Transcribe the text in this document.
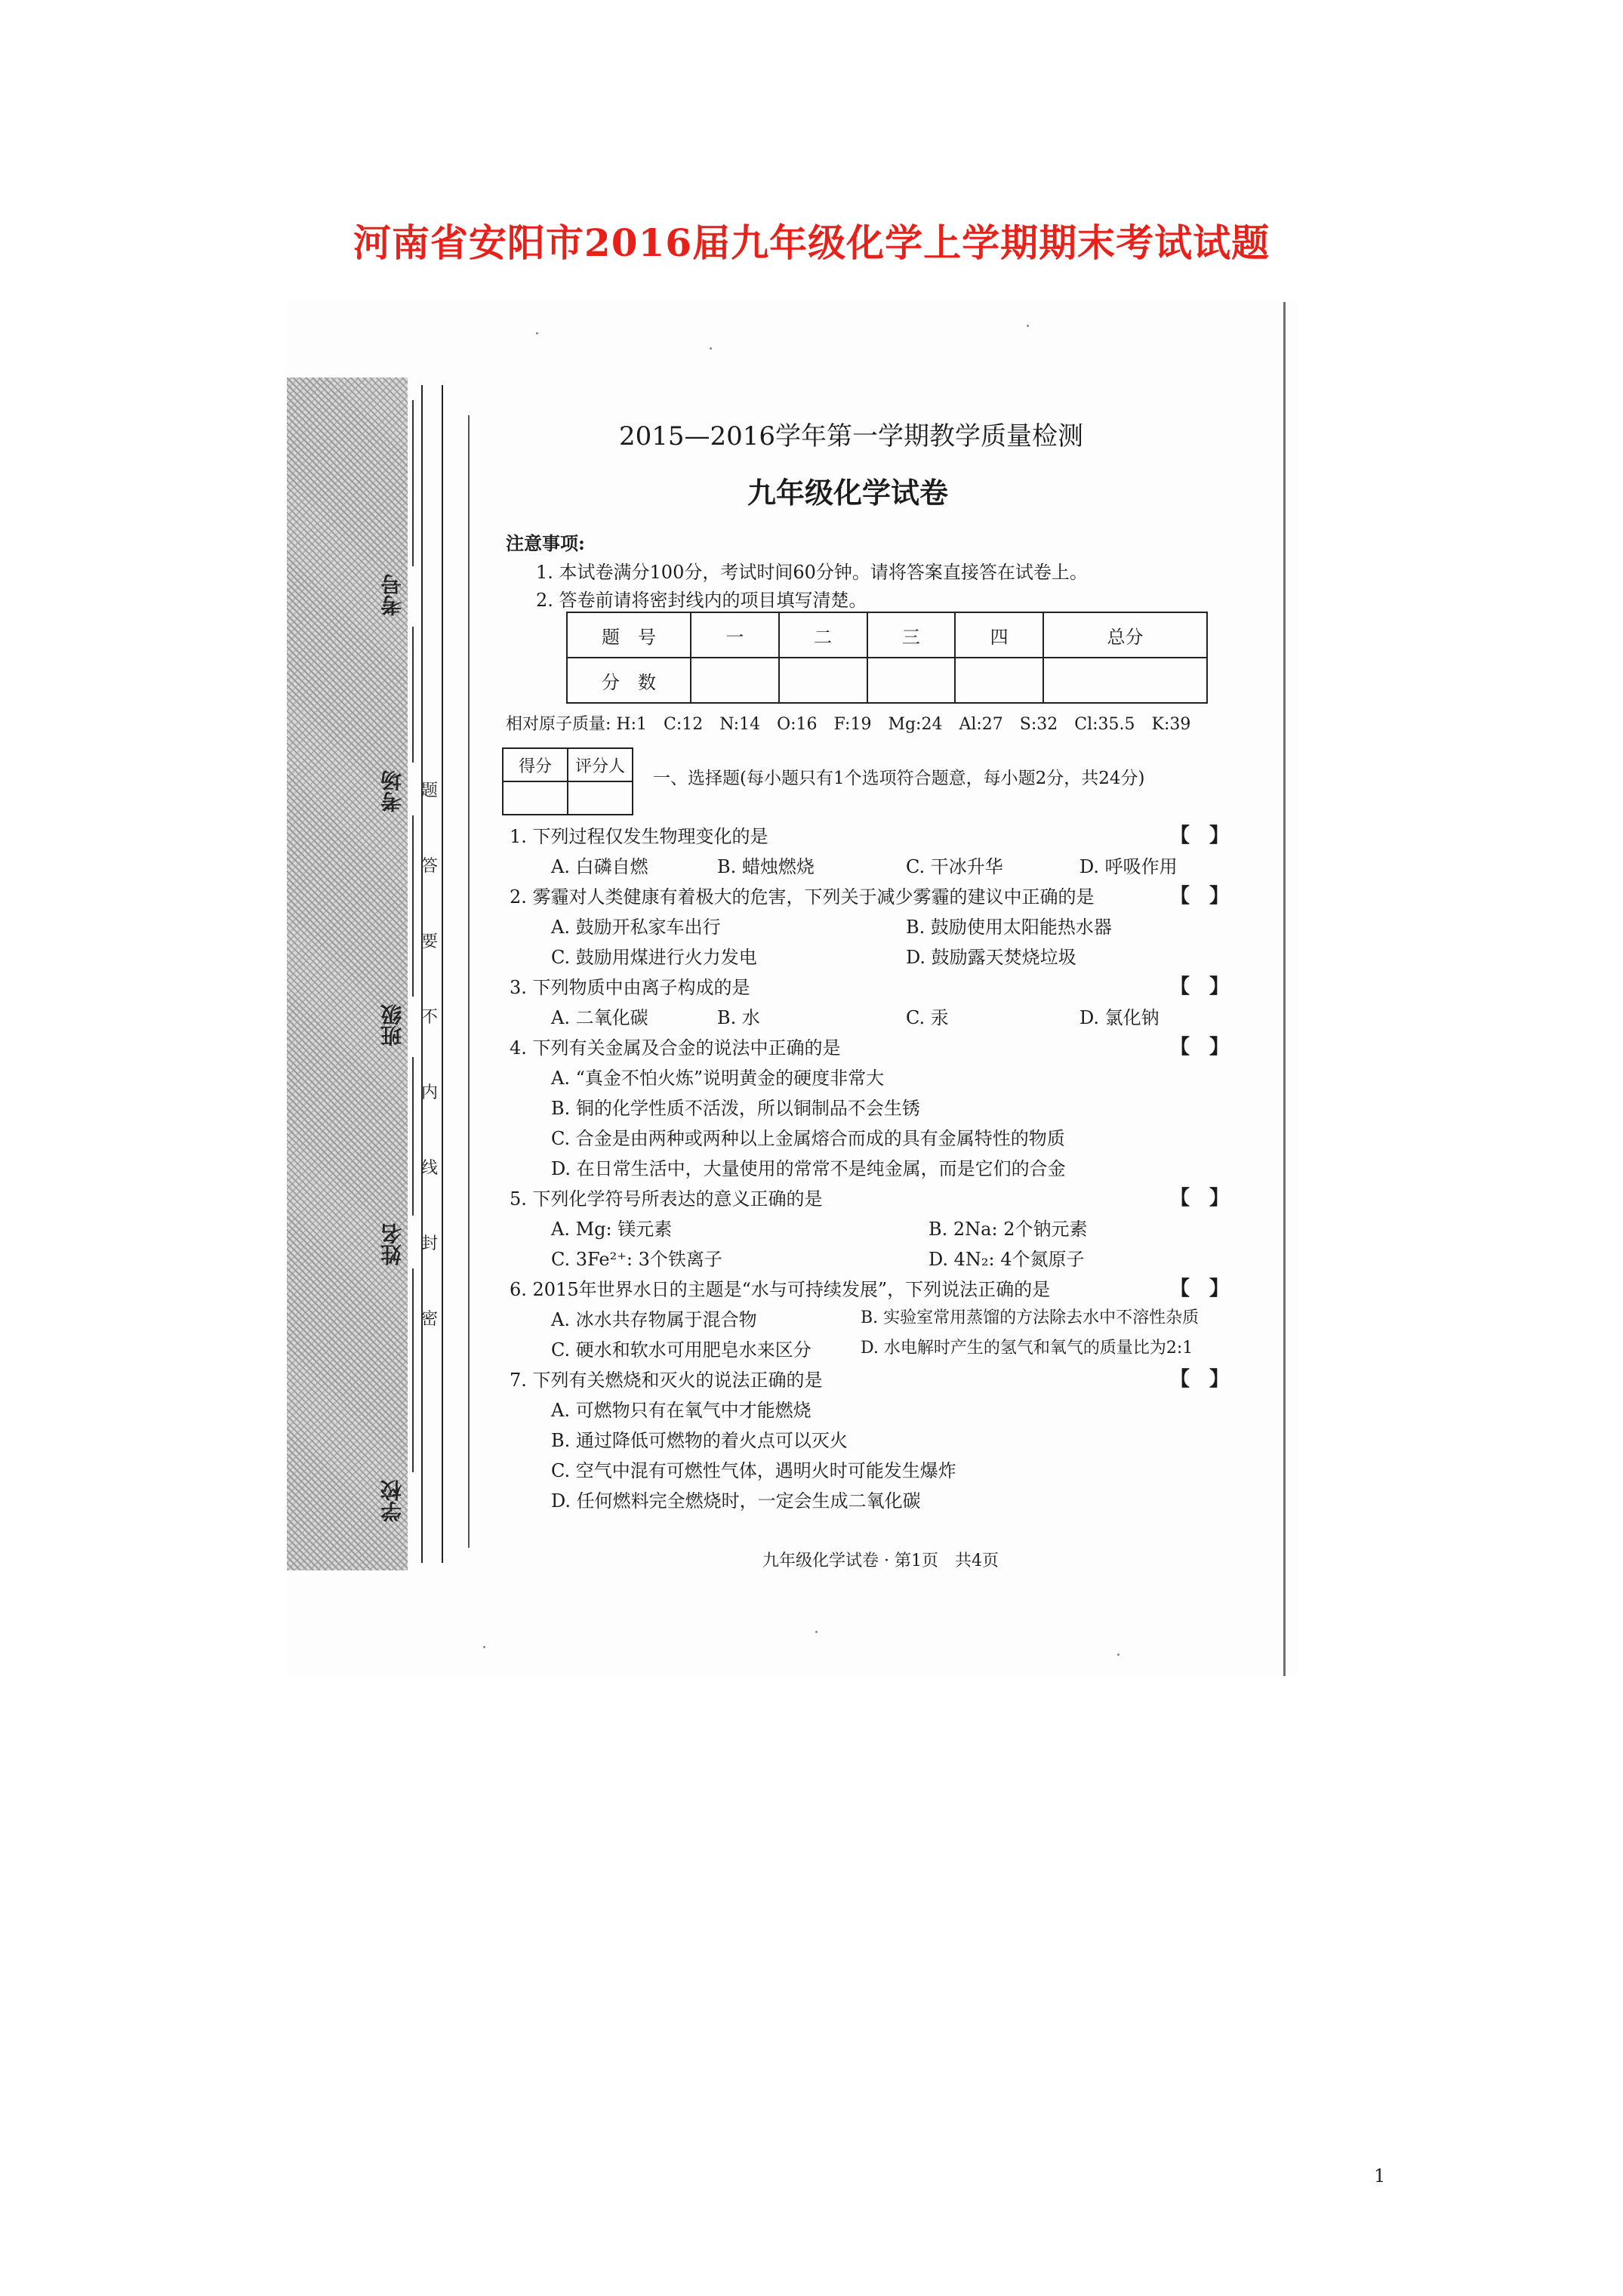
河南省安阳市2016届九年级化学上学期期末考试试题
考号
考场
班级
姓名
学校
题
答
要
不
内
线
封
密
2015—2016学年第一学期教学质量检测
九年级化学试卷
注意事项:
1. 本试卷满分100分，考试时间60分钟。请将答案直接答在试卷上。
2. 答卷前请将密封线内的项目填写清楚。
题　号	一	二	三	四	总分
分　数					
相对原子质量: H:1　C:12　N:14　O:16　F:19　Mg:24　Al:27　S:32　Cl:35.5　K:39
得分	评分人

一、选择题(每小题只有1个选项符合题意，每小题2分，共24分)
1. 下列过程仅发生物理变化的是	【　】
A. 白磷自燃	B. 蜡烛燃烧	C. 干冰升华	D. 呼吸作用
2. 雾霾对人类健康有着极大的危害，下列关于减少雾霾的建议中正确的是	【　】
A. 鼓励开私家车出行	B. 鼓励使用太阳能热水器
C. 鼓励用煤进行火力发电	D. 鼓励露天焚烧垃圾
3. 下列物质中由离子构成的是	【　】
A. 二氧化碳	B. 水	C. 汞	D. 氯化钠
4. 下列有关金属及合金的说法中正确的是	【　】
A. “真金不怕火炼”说明黄金的硬度非常大
B. 铜的化学性质不活泼，所以铜制品不会生锈
C. 合金是由两种或两种以上金属熔合而成的具有金属特性的物质
D. 在日常生活中，大量使用的常常不是纯金属，而是它们的合金
5. 下列化学符号所表达的意义正确的是	【　】
A. Mg: 镁元素	B. 2Na: 2个钠元素
C. 3Fe²⁺: 3个铁离子	D. 4N₂: 4个氮原子
6. 2015年世界水日的主题是“水与可持续发展”，下列说法正确的是	【　】
A. 冰水共存物属于混合物	B. 实验室常用蒸馏的方法除去水中不溶性杂质
C. 硬水和软水可用肥皂水来区分	D. 水电解时产生的氢气和氧气的质量比为2:1
7. 下列有关燃烧和灭火的说法正确的是	【　】
A. 可燃物只有在氧气中才能燃烧
B. 通过降低可燃物的着火点可以灭火
C. 空气中混有可燃性气体，遇明火时可能发生爆炸
D. 任何燃料完全燃烧时，一定会生成二氧化碳
九年级化学试卷 · 第1页　共4页
1
